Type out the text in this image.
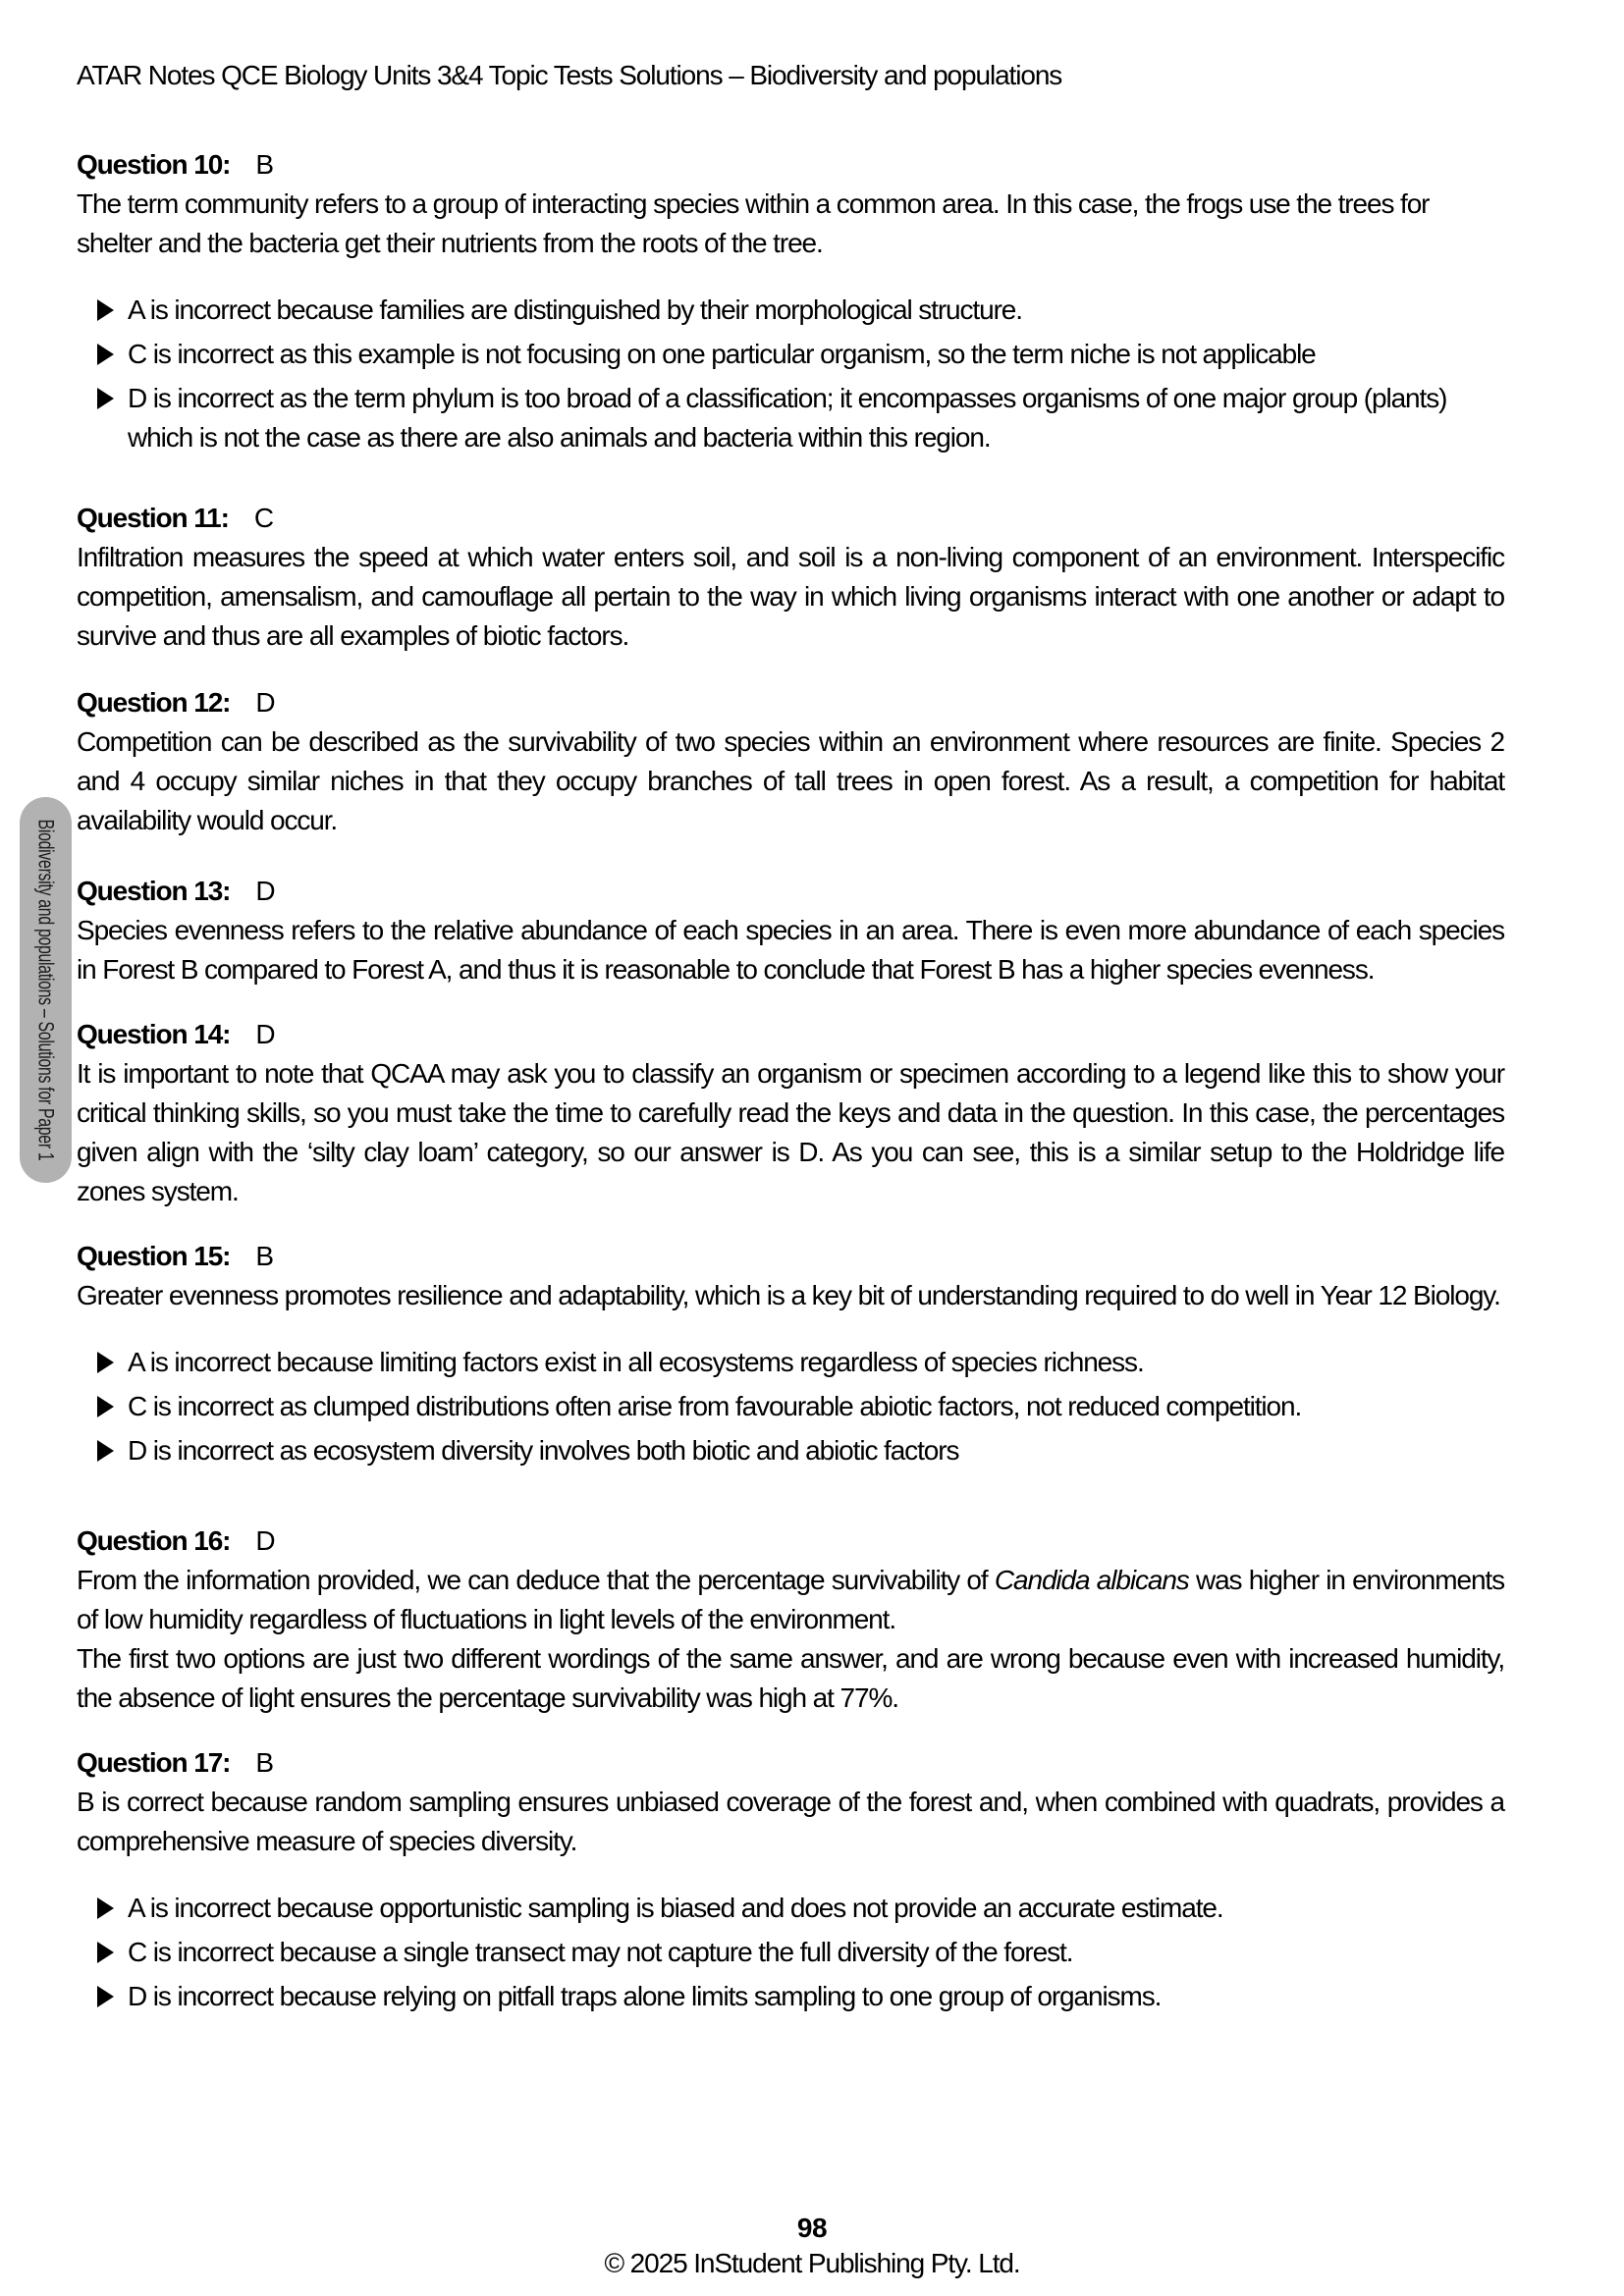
Biodiversity and populations – Solutions for Paper 1
ATAR Notes QCE Biology Units 3&4 Topic Tests Solutions – Biodiversity and populations
Question 10: B

The term community refers to a group of interacting species within a common area. In this case, the frogs use the trees for shelter and the bacteria get their nutrients from the roots of the tree.

A is incorrect because families are distinguished by their morphological structure.
C is incorrect as this example is not focusing on one particular organism, so the term niche is not applicable
D is incorrect as the term phylum is too broad of a classification; it encompasses organisms of one major group (plants) which is not the case as there are also animals and bacteria within this region.
Question 11: C

Infiltration measures the speed at which water enters soil, and soil is a non-living component of an environment. Interspecific competition, amensalism, and camouflage all pertain to the way in which living organisms interact with one another or adapt to survive and thus are all examples of biotic factors.

Question 12: D

Competition can be described as the survivability of two species within an environment where resources are finite. Species 2 and 4 occupy similar niches in that they occupy branches of tall trees in open forest. As a result, a competition for habitat availability would occur.

Question 13: D

Species evenness refers to the relative abundance of each species in an area. There is even more abundance of each species in Forest B compared to Forest A, and thus it is reasonable to conclude that Forest B has a higher species evenness.

Question 14: D

It is important to note that QCAA may ask you to classify an organism or specimen according to a legend like this to show your critical thinking skills, so you must take the time to carefully read the keys and data in the question. In this case, the percentages given align with the ‘silty clay loam’ category, so our answer is D. As you can see, this is a similar setup to the Holdridge life zones system.

Question 15: B

Greater evenness promotes resilience and adaptability, which is a key bit of understanding required to do well in Year 12 Biology.

A is incorrect because limiting factors exist in all ecosystems regardless of species richness.
C is incorrect as clumped distributions often arise from favourable abiotic factors, not reduced competition.
D is incorrect as ecosystem diversity involves both biotic and abiotic factors
Question 16: D

From the information provided, we can deduce that the percentage survivability of Candida albicans was higher in environments of low humidity regardless of fluctuations in light levels of the environment.

The first two options are just two different wordings of the same answer, and are wrong because even with increased humidity, the absence of light ensures the percentage survivability was high at 77%.

Question 17: B

B is correct because random sampling ensures unbiased coverage of the forest and, when combined with quadrats, provides a comprehensive measure of species diversity.

A is incorrect because opportunistic sampling is biased and does not provide an accurate estimate.
C is incorrect because a single transect may not capture the full diversity of the forest.
D is incorrect because relying on pitfall traps alone limits sampling to one group of organisms.
98
© 2025 InStudent Publishing Pty. Ltd.
